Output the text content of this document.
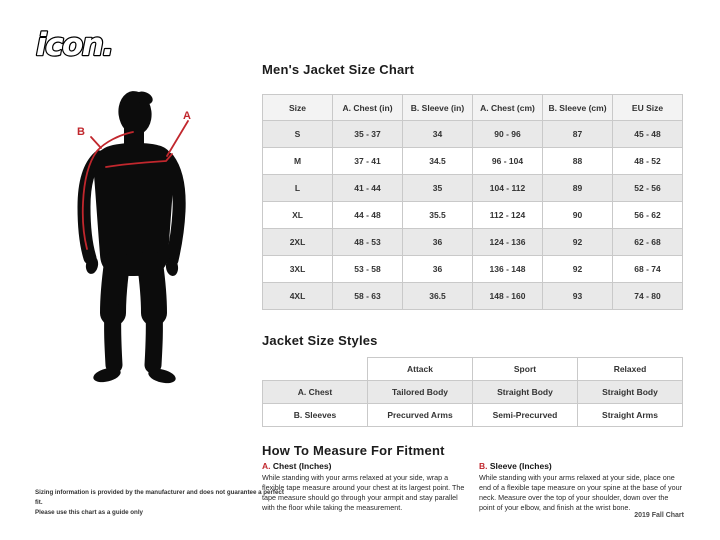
icon.
A
B
Men's Jacket Size Chart
Size	A. Chest (in)	B. Sleeve (in)	A. Chest (cm)	B. Sleeve (cm)	EU Size
S	35 - 37	34	90 - 96	87	45 - 48
M	37 - 41	34.5	96 - 104	88	48 - 52
L	41 - 44	35	104 - 112	89	52 - 56
XL	44 - 48	35.5	112 - 124	90	56 - 62
2XL	48 - 53	36	124 - 136	92	62 - 68
3XL	53 - 58	36	136 - 148	92	68 - 74
4XL	58 - 63	36.5	148 - 160	93	74 - 80
Jacket Size Styles
	Attack	Sport	Relaxed
A. Chest	Tailored Body	Straight Body	Straight Body
B. Sleeves	Precurved Arms	Semi-Precurved	Straight Arms
How To Measure For Fitment
A. Chest (Inches)

While standing with your arms relaxed at your side, wrap a flexible tape measure around your chest at its largest point. The tape measure should go through your armpit and stay parallel with the floor while taking the measurement.

B. Sleeve (Inches)

While standing with your arms relaxed at your side, place one end of a flexible tape measure on your spine at the base of your neck. Measure over the top of your shoulder, down over the point of your elbow, and finish at the wrist bone.

Sizing information is provided by the manufacturer and does not guarantee a perfect fit.
Please use this chart as a guide only	2019 Fall Chart
